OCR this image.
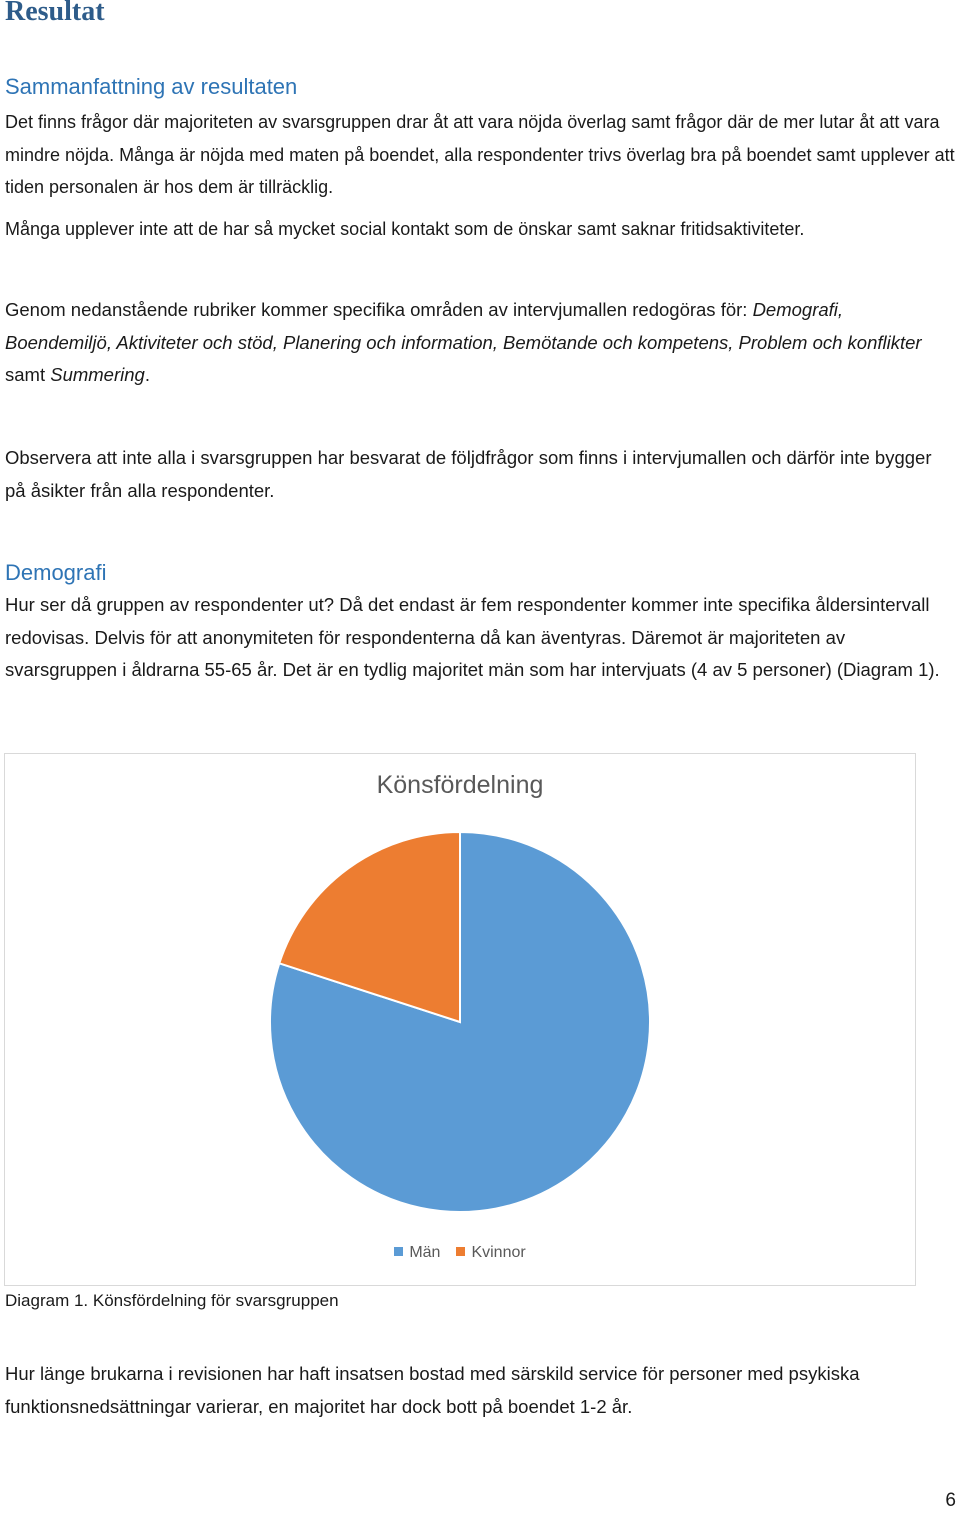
Resultat
Sammanfattning av resultaten

Det finns frågor där majoriteten av svarsgruppen drar åt att vara nöjda överlag samt frågor där de mer lutar åt att vara mindre nöjda. Många är nöjda med maten på boendet, alla respondenter trivs överlag bra på boendet samt upplever att tiden personalen är hos dem är tillräcklig.

Många upplever inte att de har så mycket social kontakt som de önskar samt saknar fritidsaktiviteter.

Genom nedanstående rubriker kommer specifika områden av intervjumallen redogöras för: Demografi, Boendemiljö, Aktiviteter och stöd, Planering och information, Bemötande och kompetens, Problem och konflikter samt Summering.

Observera att inte alla i svarsgruppen har besvarat de följdfrågor som finns i intervjumallen och därför inte bygger på åsikter från alla respondenter.

Demografi

Hur ser då gruppen av respondenter ut? Då det endast är fem respondenter kommer inte specifika åldersintervall redovisas. Delvis för att anonymiteten för respondenterna då kan äventyras. Däremot är majoriteten av svarsgruppen i åldrarna 55-65 år. Det är en tydlig majoritet män som har intervjuats (4 av 5 personer) (Diagram 1).

Könsfördelning
Män Kvinnor
Diagram 1. Könsfördelning för svarsgruppen

Hur länge brukarna i revisionen har haft insatsen bostad med särskild service för personer med psykiska funktionsnedsättningar varierar, en majoritet har dock bott på boendet 1-2 år.

6
